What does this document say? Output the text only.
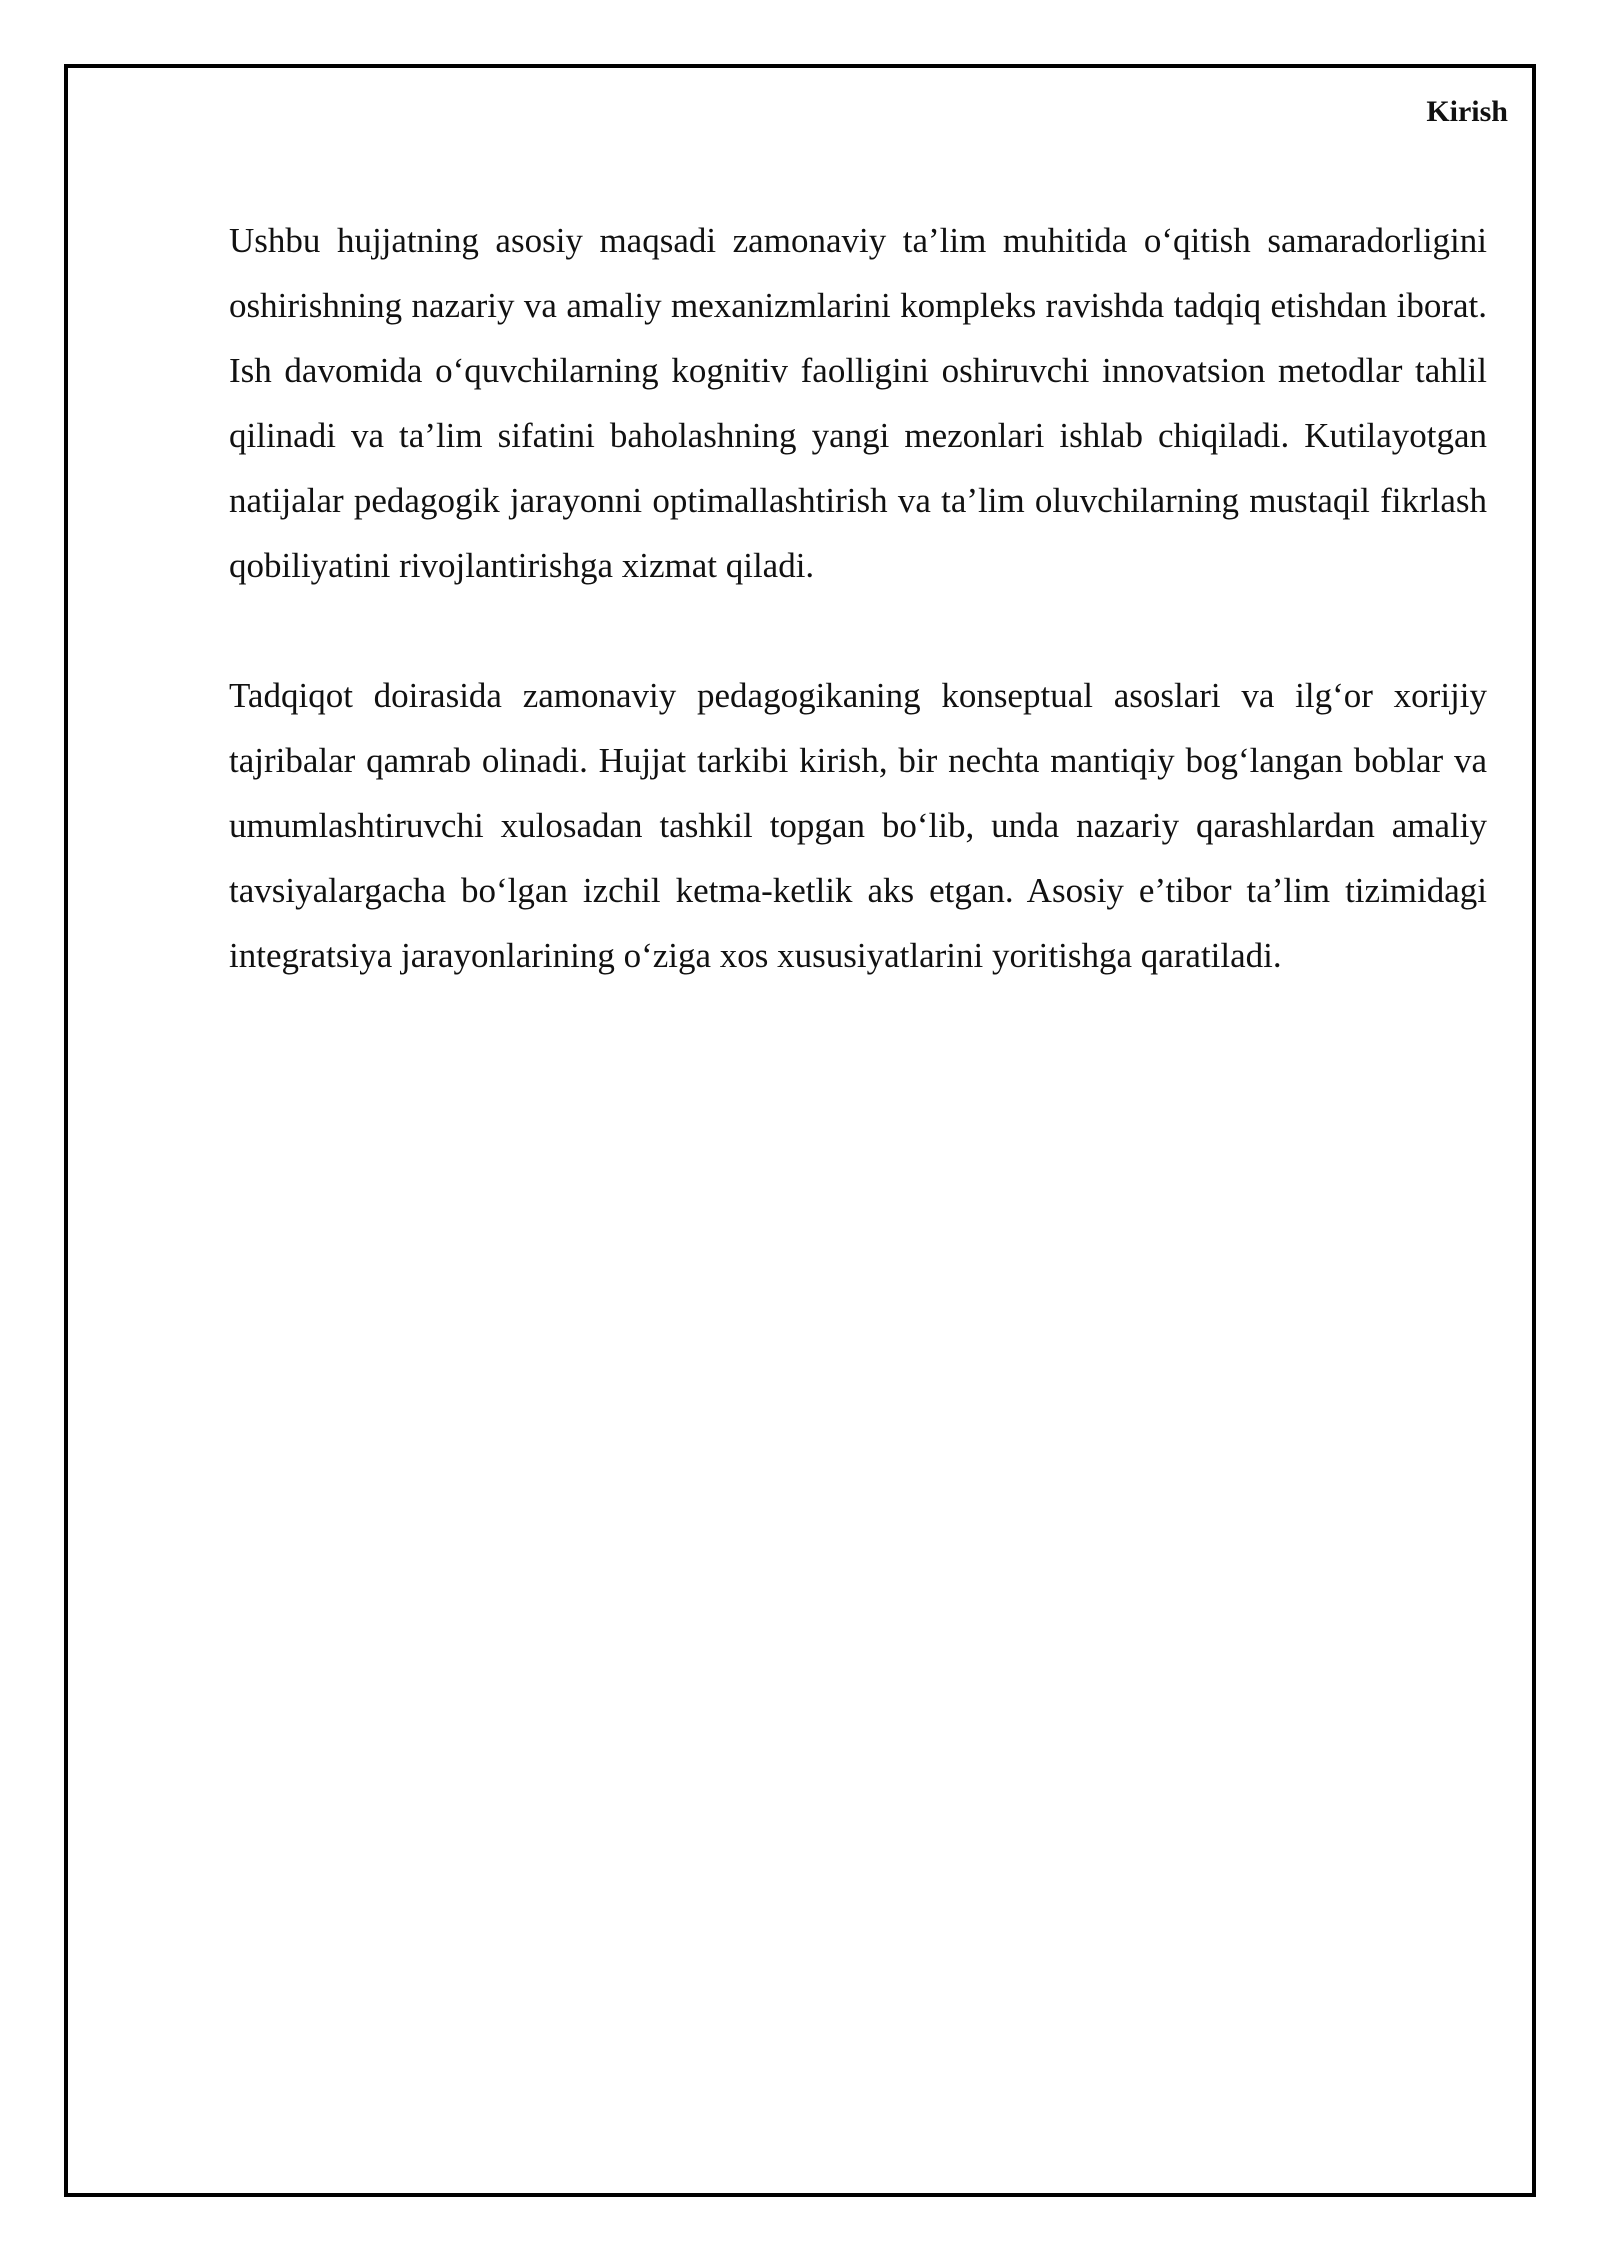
Kirish

Ushbu hujjatning asosiy maqsadi zamonaviy ta’lim muhitida o‘qitish samaradorligini oshirishning nazariy va amaliy mexanizmlarini kompleks ravishda tadqiq etishdan iborat. Ish davomida o‘quvchilarning kognitiv faolligini oshiruvchi innovatsion metodlar tahlil qilinadi va ta’lim sifatini baholashning yangi mezonlari ishlab chiqiladi. Kutilayotgan natijalar pedagogik jarayonni optimallashtirish va ta’lim oluvchilarning mustaqil fikrlash qobiliyatini rivojlantirishga xizmat qiladi.

Tadqiqot doirasida zamonaviy pedagogikaning konseptual asoslari va ilg‘or xorijiy tajribalar qamrab olinadi. Hujjat tarkibi kirish, bir nechta mantiqiy bog‘langan boblar va umumlashtiruvchi xulosadan tashkil topgan bo‘lib, unda nazariy qarashlardan amaliy tavsiyalargacha bo‘lgan izchil ketma-ketlik aks etgan. Asosiy e’tibor ta’lim tizimidagi integratsiya jarayonlarining o‘ziga xos xususiyatlarini yoritishga qaratiladi.
